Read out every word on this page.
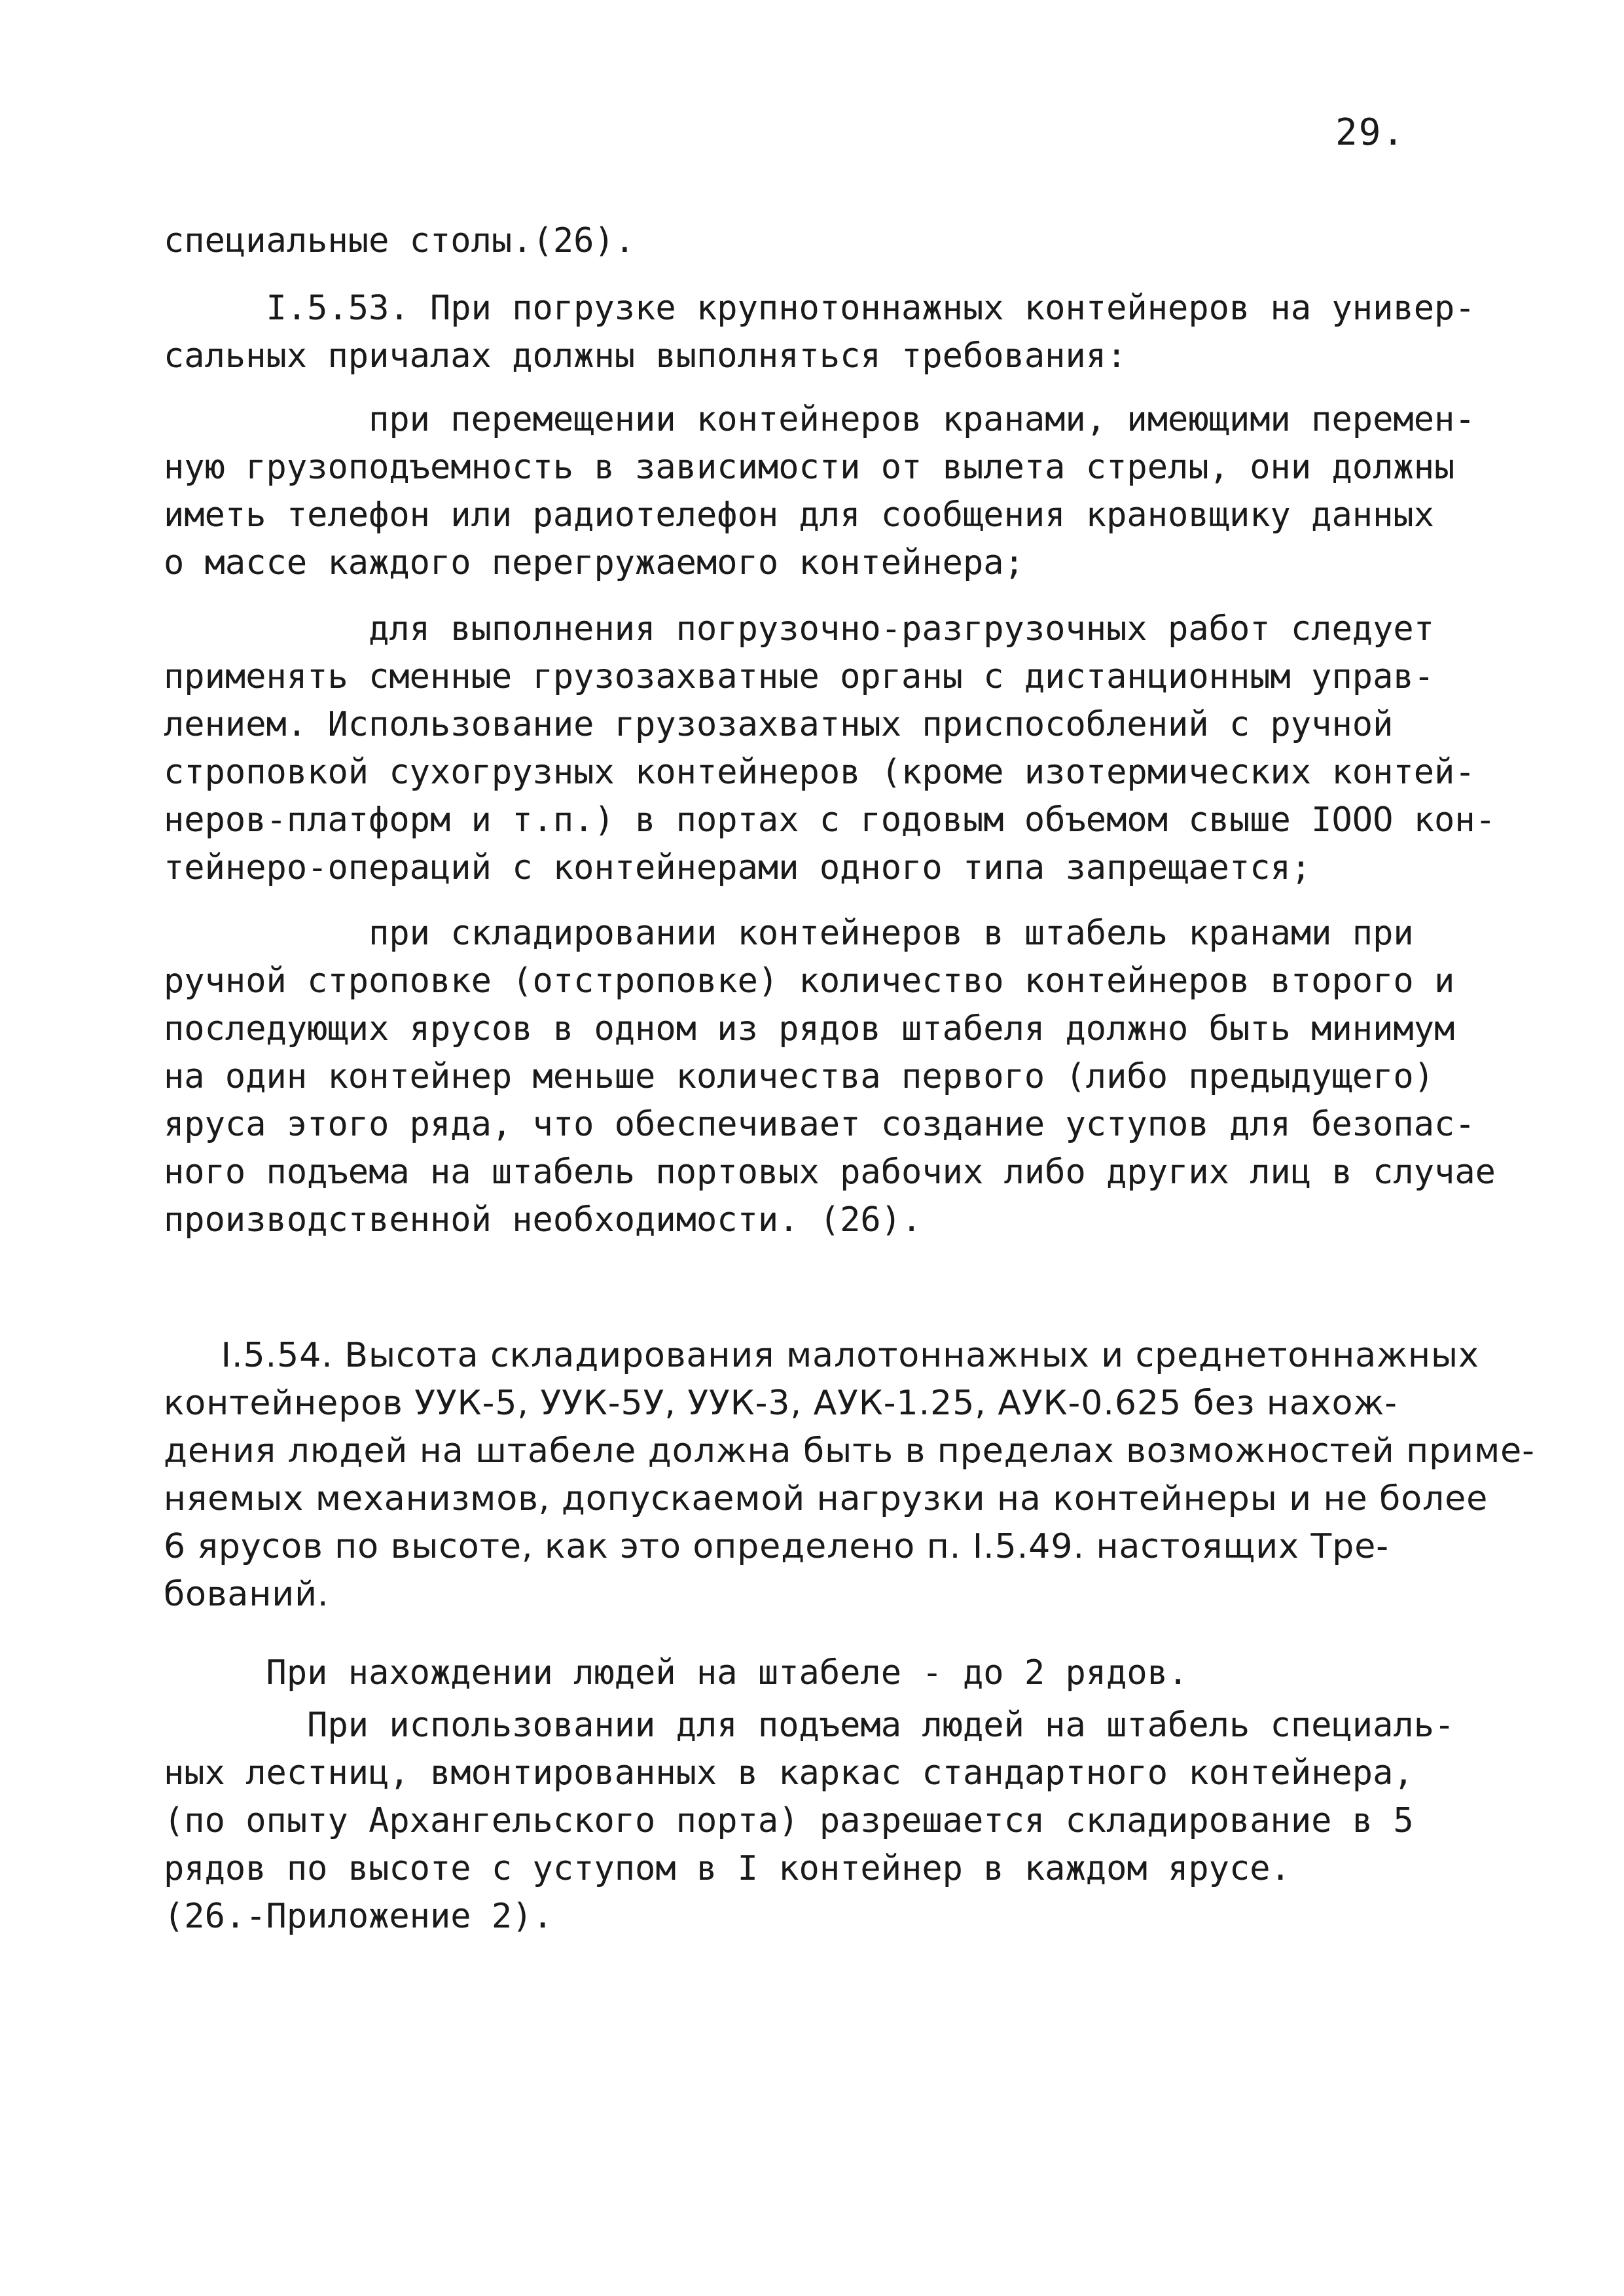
29.
специальные столы.(26).
I.5.53. При погрузке крупнотоннажных контейнеров на универ-
сальных причалах должны выполняться требования:
при перемещении контейнеров кранами, имеющими перемен-
ную грузоподъемность в зависимости от вылета стрелы, они должны
иметь телефон или радиотелефон для сообщения крановщику данных
о массе каждого перегружаемого контейнера;
для выполнения погрузочно-разгрузочных работ следует
применять сменные грузозахватные органы с дистанционным управ-
лением. Использование грузозахватных приспособлений с ручной
строповкой сухогрузных контейнеров (кроме изотермических контей-
неров-платформ и т.п.) в портах с годовым объемом свыше IOOO кон-
тейнеро-операций с контейнерами одного типа запрещается;
при складировании контейнеров в штабель кранами при
ручной строповке (отстроповке) количество контейнеров второго и
последующих ярусов в одном из рядов штабеля должно быть минимум
на один контейнер меньше количества первого (либо предыдущего)
яруса этого ряда, что обеспечивает создание уступов для безопас-
ного подъема на штабель портовых рабочих либо других лиц в случае
производственной необходимости. (26).
I.5.54. Высота складирования малотоннажных и среднетоннажных
контейнеров УУК-5, УУК-5У, УУК-3, АУК-1.25, АУК-0.625 без нахож-
дения людей на штабеле должна быть в пределах возможностей приме-
няемых механизмов, допускаемой нагрузки на контейнеры и не более
6 ярусов по высоте, как это определено п. I.5.49. настоящих Тре-
бований.
При нахождении людей на штабеле - до 2 рядов.
При использовании для подъема людей на штабель специаль-
ных лестниц, вмонтированных в каркас стандартного контейнера,
(по опыту Архангельского порта) разрешается складирование в 5
рядов по высоте с уступом в I контейнер в каждом ярусе.
(26.-Приложение 2).
